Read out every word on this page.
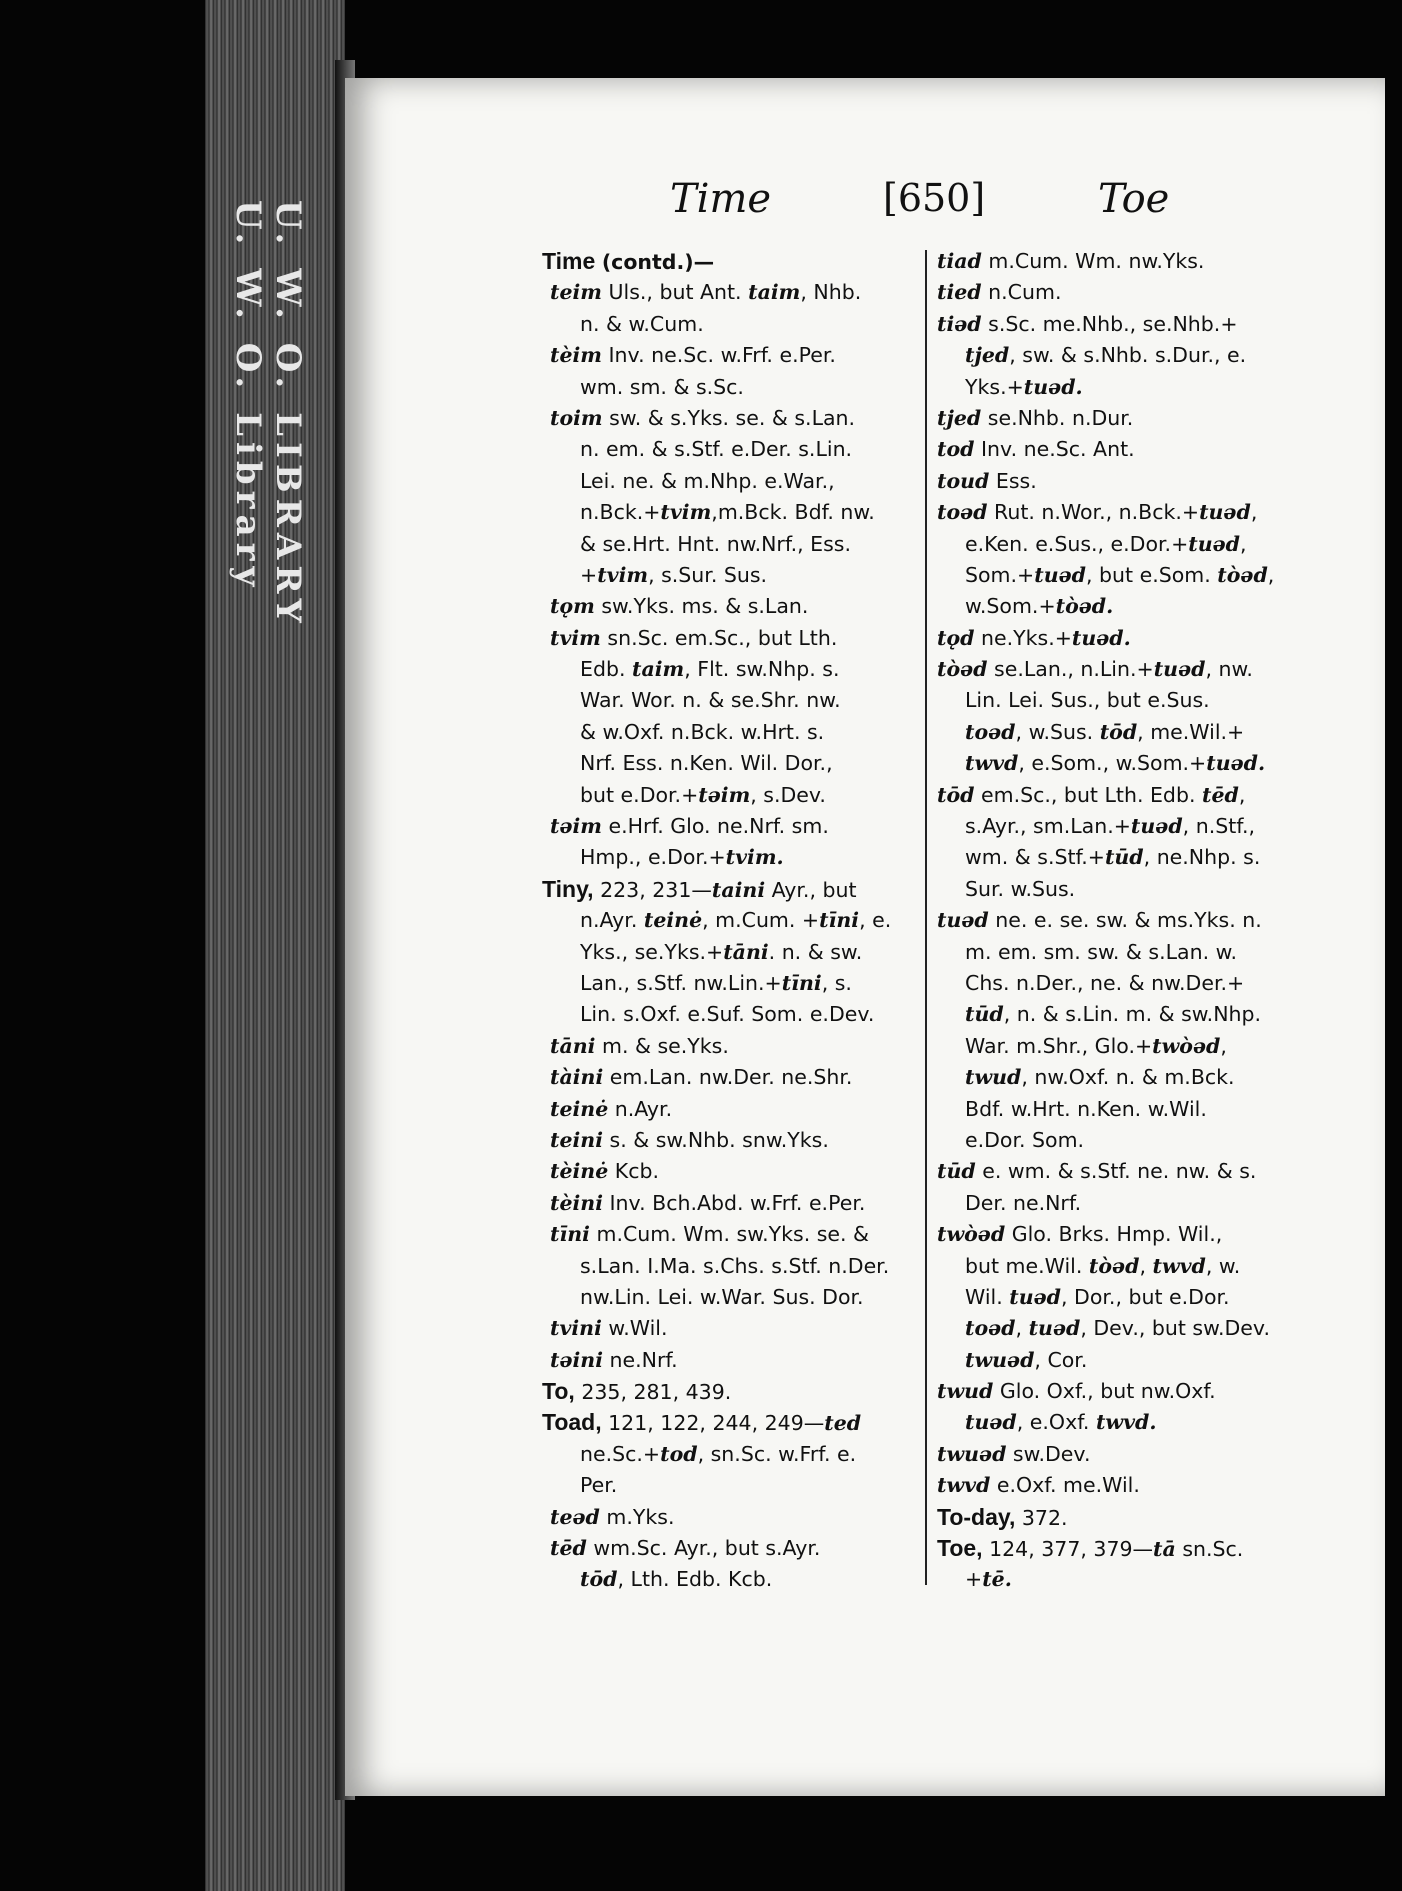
U. W. O. LIBRARY
U. W. O. Library
Time	[650]	Toe
Time (contd.)—
teim Uls., but Ant. taim, Nhb.
n. & w.Cum.
tèim Inv. ne.Sc. w.Frf. e.Per.
wm. sm. & s.Sc.
toim sw. & s.Yks. se. & s.Lan.
n. em. & s.Stf. e.Der. s.Lin.
Lei. ne. & m.Nhp. e.War.,
n.Bck.+tvim,m.Bck. Bdf. nw.
& se.Hrt. Hnt. nw.Nrf., Ess.
+tvim, s.Sur. Sus.
tǫm sw.Yks. ms. & s.Lan.
tvim sn.Sc. em.Sc., but Lth.
Edb. taim, Flt. sw.Nhp. s.
War. Wor. n. & se.Shr. nw.
& w.Oxf. n.Bck. w.Hrt. s.
Nrf. Ess. n.Ken. Wil. Dor.,
but e.Dor.+təim, s.Dev.
təim e.Hrf. Glo. ne.Nrf. sm.
Hmp., e.Dor.+tvim.
Tiny, 223, 231—taini Ayr., but
n.Ayr. teinė, m.Cum. +tīni, e.
Yks., se.Yks.+tāni. n. & sw.
Lan., s.Stf. nw.Lin.+tīni, s.
Lin. s.Oxf. e.Suf. Som. e.Dev.
tāni m. & se.Yks.
tàini em.Lan. nw.Der. ne.Shr.
teinė n.Ayr.
teini s. & sw.Nhb. snw.Yks.
tèinė Kcb.
tèini Inv. Bch.Abd. w.Frf. e.Per.
tīni m.Cum. Wm. sw.Yks. se. &
s.Lan. I.Ma. s.Chs. s.Stf. n.Der.
nw.Lin. Lei. w.War. Sus. Dor.
tvini w.Wil.
təini ne.Nrf.
To, 235, 281, 439.
Toad, 121, 122, 244, 249—ted
ne.Sc.+tod, sn.Sc. w.Frf. e.
Per.
teəd m.Yks.
tēd wm.Sc. Ayr., but s.Ayr.
tōd, Lth. Edb. Kcb.
tiad m.Cum. Wm. nw.Yks.
tied n.Cum.
tiəd s.Sc. me.Nhb., se.Nhb.+
tjed, sw. & s.Nhb. s.Dur., e.
Yks.+tuəd.
tjed se.Nhb. n.Dur.
tod Inv. ne.Sc. Ant.
toud Ess.
toəd Rut. n.Wor., n.Bck.+tuəd,
e.Ken. e.Sus., e.Dor.+tuəd,
Som.+tuəd, but e.Som. tòəd,
w.Som.+tòəd.
tǫd ne.Yks.+tuəd.
tòəd se.Lan., n.Lin.+tuəd, nw.
Lin. Lei. Sus., but e.Sus.
toəd, w.Sus. tōd, me.Wil.+
twvd, e.Som., w.Som.+tuəd.
tōd em.Sc., but Lth. Edb. tēd,
s.Ayr., sm.Lan.+tuəd, n.Stf.,
wm. & s.Stf.+tūd, ne.Nhp. s.
Sur. w.Sus.
tuəd ne. e. se. sw. & ms.Yks. n.
m. em. sm. sw. & s.Lan. w.
Chs. n.Der., ne. & nw.Der.+
tūd, n. & s.Lin. m. & sw.Nhp.
War. m.Shr., Glo.+twòəd,
twud, nw.Oxf. n. & m.Bck.
Bdf. w.Hrt. n.Ken. w.Wil.
e.Dor. Som.
tūd e. wm. & s.Stf. ne. nw. & s.
Der. ne.Nrf.
twòəd Glo. Brks. Hmp. Wil.,
but me.Wil. tòəd, twvd, w.
Wil. tuəd, Dor., but e.Dor.
toəd, tuəd, Dev., but sw.Dev.
twuəd, Cor.
twud Glo. Oxf., but nw.Oxf.
tuəd, e.Oxf. twvd.
twuəd sw.Dev.
twvd e.Oxf. me.Wil.
To-day, 372.
Toe, 124, 377, 379—tā sn.Sc.
+tē.
